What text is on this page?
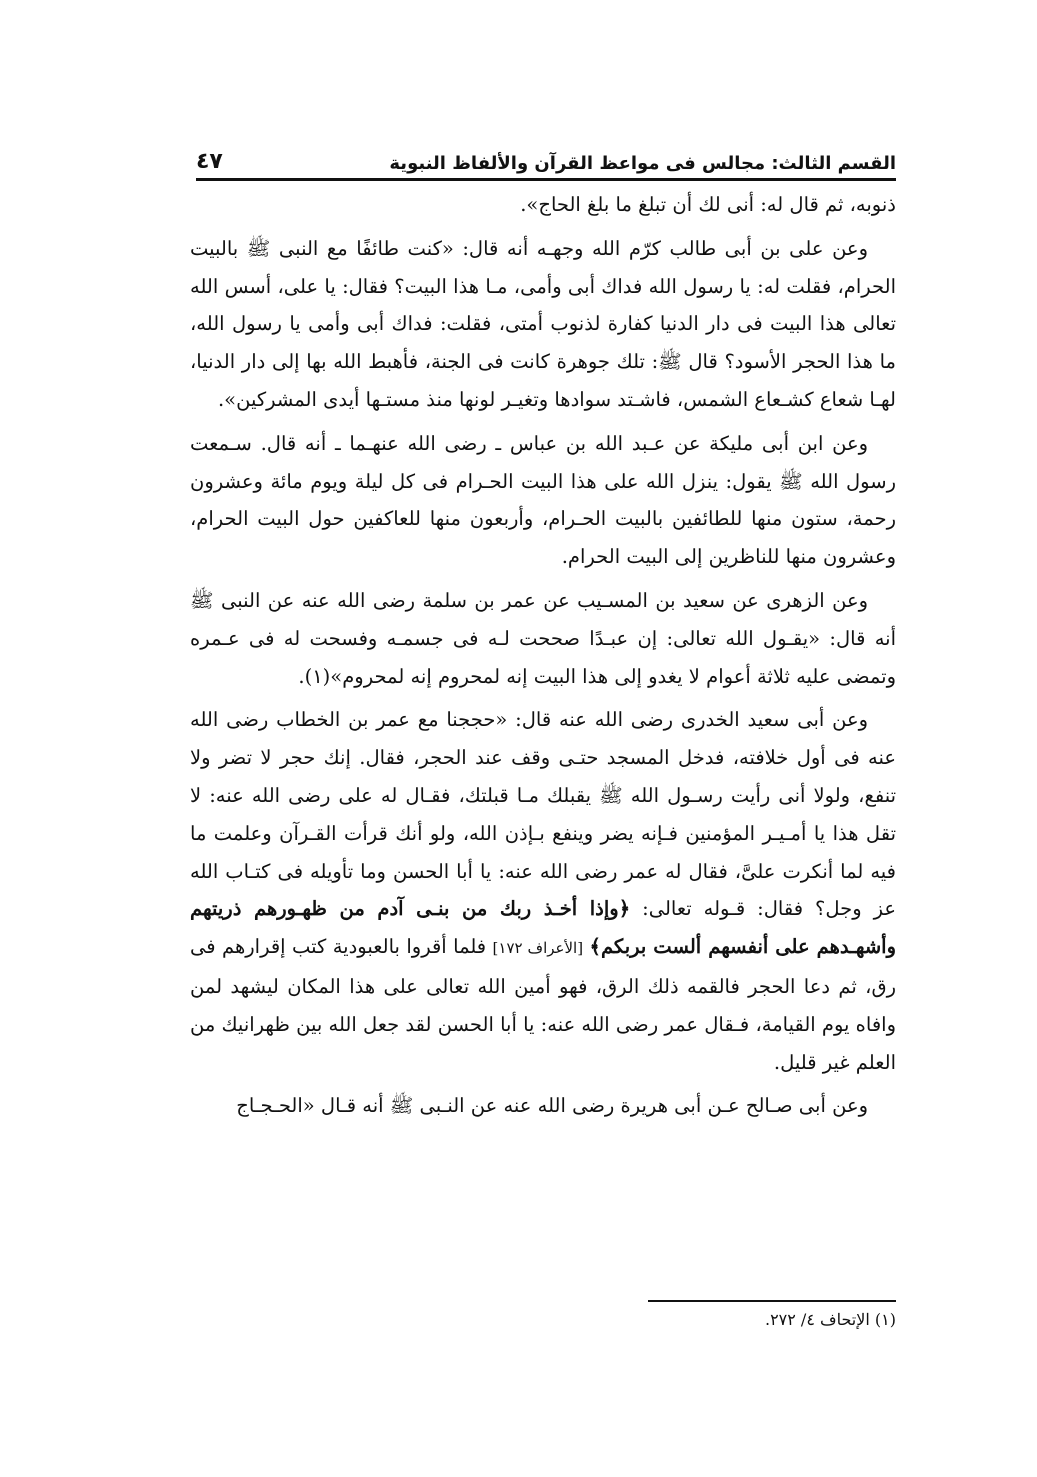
القسم الثالث: مجالس فى مواعظ القرآن والألفاظ النبوية
٤٧

ذنوبه، ثم قال له: أنى لك أن تبلغ ما بلغ الحاج».

وعن على بن أبى طالب كرّم الله وجهـه أنه قال: «كنت طائفًا مع النبى ﷺ بالبيت الحرام، فقلت له: يا رسول الله فداك أبى وأمى، مـا هذا البيت؟ فقال: يا على، أسس الله تعالى هذا البيت فى دار الدنيا كفارة لذنوب أمتى، فقلت: فداك أبى وأمى يا رسول الله، ما هذا الحجر الأسود؟ قال ﷺ: تلك جوهرة كانت فى الجنة، فأهبط الله بها إلى دار الدنيا، لهـا شعاع كشـعاع الشمس، فاشـتد سوادها وتغيـر لونها منذ مستـها أيدى المشركين».

وعن ابن أبى مليكة عن عـبد الله بن عباس ـ رضى الله عنهـما ـ أنه قال. سـمعت رسول الله ﷺ يقول: ينزل الله على هذا البيت الحـرام فى كل ليلة ويوم مائة وعشرون رحمة، ستون منها للطائفين بالبيت الحـرام، وأربعون منها للعاكفين حول البيت الحرام، وعشرون منها للناظرين إلى البيت الحرام.

وعن الزهرى عن سعيد بن المسـيب عن عمر بن سلمة رضى الله عنه عن النبى ﷺ أنه قال: «يقـول الله تعالى: إن عبـدًا صححت لـه فى جسمـه وفسحت له فى عـمره وتمضى عليه ثلاثة أعوام لا يغدو إلى هذا البيت إنه لمحروم إنه لمحروم»(١).

وعن أبى سعيد الخدرى رضى الله عنه قال: «حججنا مع عمر بن الخطاب رضى الله عنه فى أول خلافته، فدخل المسجد حتـى وقف عند الحجر، فقال. إنك حجر لا تضر ولا تنفع، ولولا أنى رأيت رسـول الله ﷺ يقبلك مـا قبلتك، فقـال له على رضى الله عنه: لا تقل هذا يا أمـيـر المؤمنين فـإنه يضر وينفع بـإذن الله، ولو أنك قرأت القـرآن وعلمت ما فيه لما أنكرت علىَّ، فقال له عمر رضى الله عنه: يا أبا الحسن وما تأويله فى كتـاب الله عز وجل؟ فقال: قـوله تعالى: ﴿وإذا أخـذ ربك من بنـى آدم من ظهـورهم ذريتهم وأشهـدهم على أنفسهم ألست بربكم﴾ [الأعراف ١٧٢] فلما أقروا بالعبودية كتب إقرارهم فى رق، ثم دعا الحجر فالقمه ذلك الرق، فهو أمين الله تعالى على هذا المكان ليشهد لمن وافاه يوم القيامة، فـقال عمر رضى الله عنه: يا أبا الحسن لقد جعل الله بين ظهرانيك من العلم غير قليل.

وعن أبى صـالح عـن أبى هريرة رضى الله عنه عن النـبى ﷺ أنه قـال «الحـجـاج

(١) الإتحاف ٤/ ٢٧٢.
